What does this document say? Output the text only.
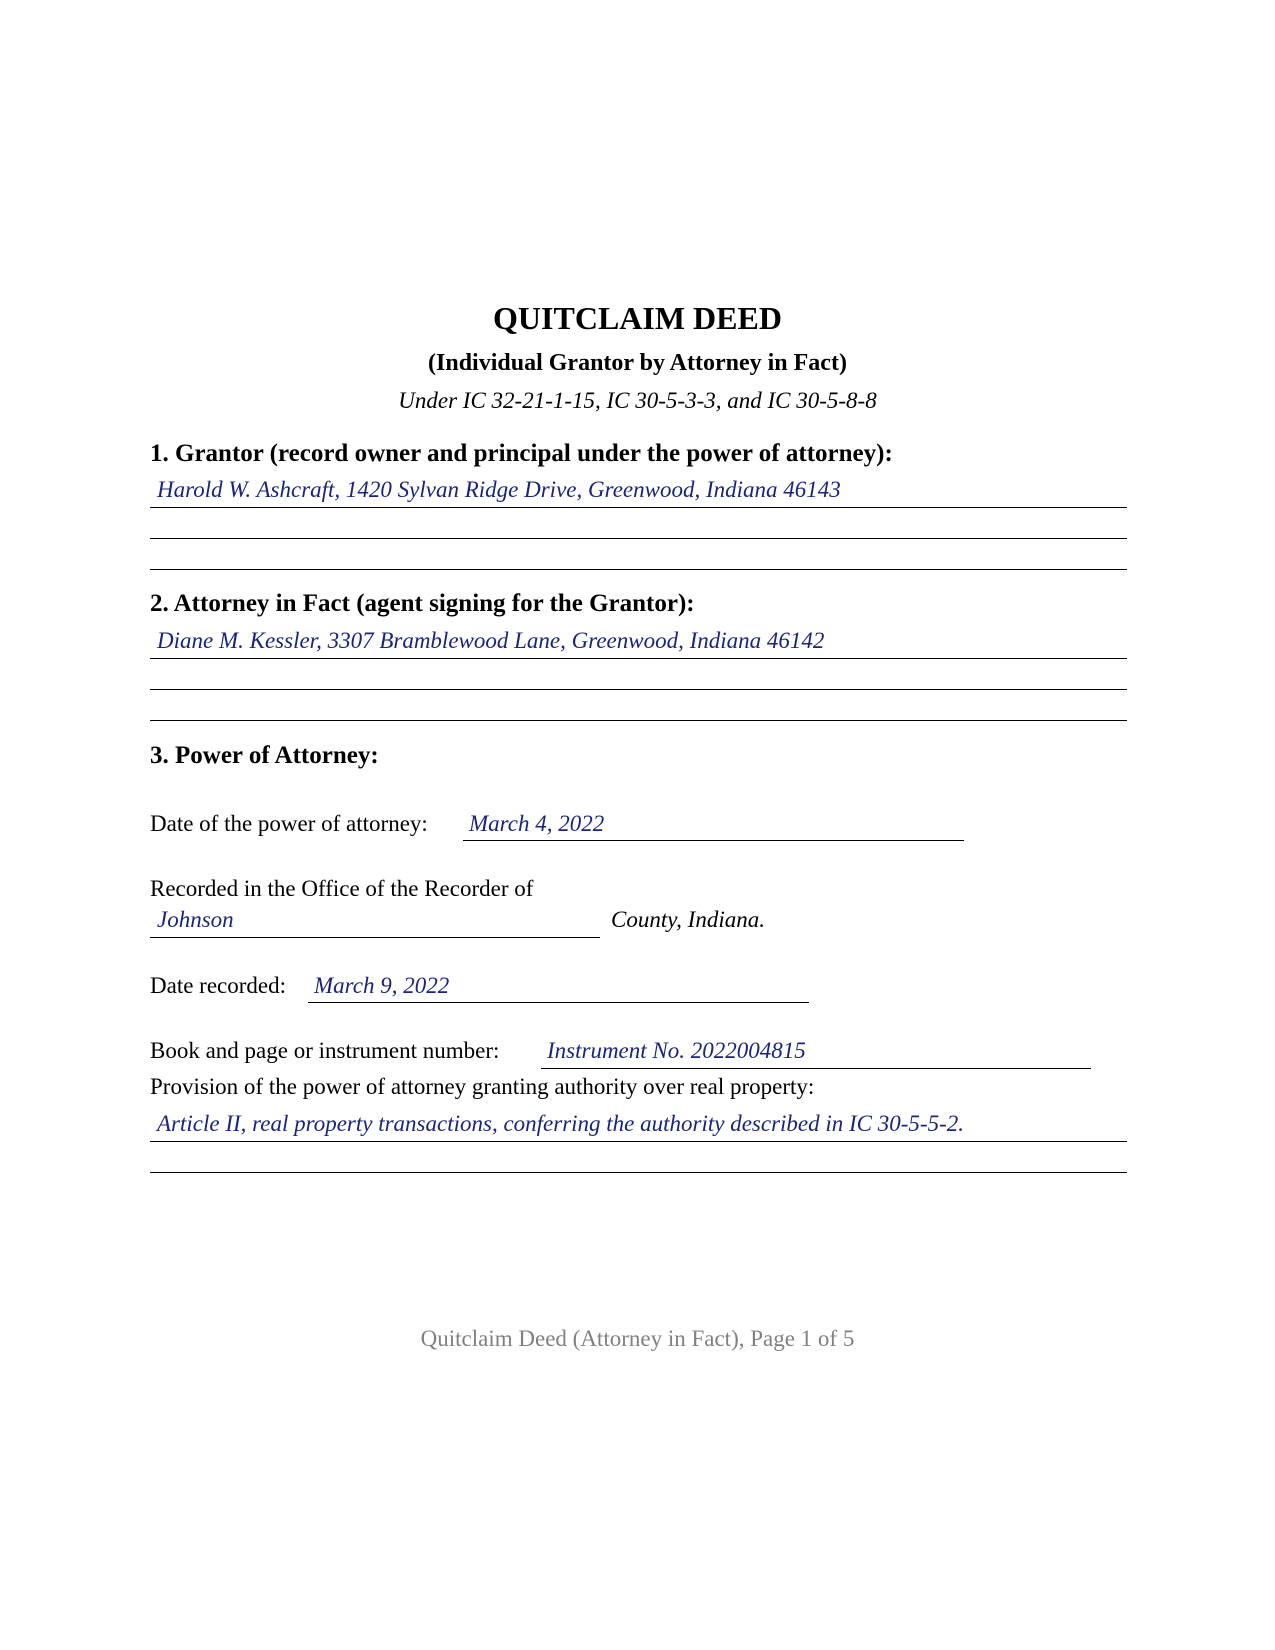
QUITCLAIM DEED
(Individual Grantor by Attorney in Fact)
Under IC 32-21-1-15, IC 30-5-3-3, and IC 30-5-8-8
1. Grantor (record owner and principal under the power of attorney):
Harold W. Ashcraft, 1420 Sylvan Ridge Drive, Greenwood, Indiana 46143
2. Attorney in Fact (agent signing for the Grantor):
Diane M. Kessler, 3307 Bramblewood Lane, Greenwood, Indiana 46142
3. Power of Attorney:
Date of the power of attorney: March 4, 2022
Recorded in the Office of the Recorder of
Johnson	County, Indiana.
Date recorded: March 9, 2022
Book and page or instrument number: Instrument No. 2022004815
Provision of the power of attorney granting authority over real property:
Article II, real property transactions, conferring the authority described in IC 30-5-5-2.
Quitclaim Deed (Attorney in Fact), Page 1 of 5
